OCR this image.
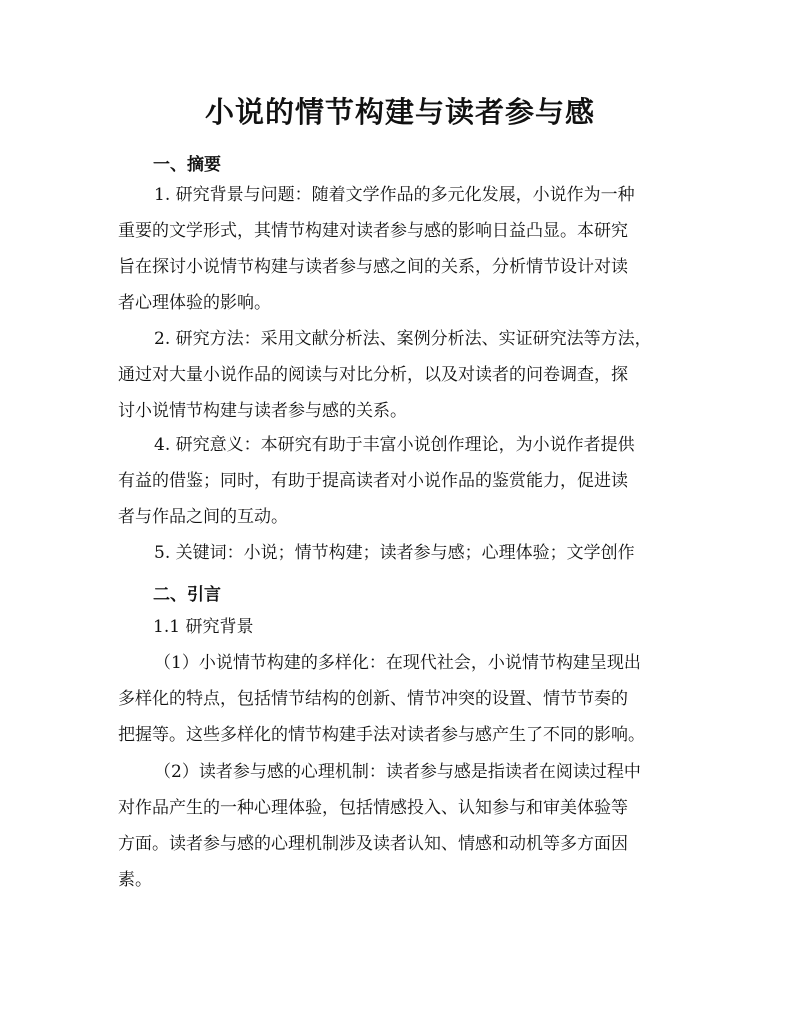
小说的情节构建与读者参与感
一、摘要

1. 研究背景与问题：随着文学作品的多元化发展，小说作为一种
重要的文学形式，其情节构建对读者参与感的影响日益凸显。本研究
旨在探讨小说情节构建与读者参与感之间的关系，分析情节设计对读
者心理体验的影响。

2. 研究方法：采用文献分析法、案例分析法、实证研究法等方法，
通过对大量小说作品的阅读与对比分析，以及对读者的问卷调查，探
讨小说情节构建与读者参与感的关系。

4. 研究意义：本研究有助于丰富小说创作理论，为小说作者提供
有益的借鉴；同时，有助于提高读者对小说作品的鉴赏能力，促进读
者与作品之间的互动。

5. 关键词：小说；情节构建；读者参与感；心理体验；文学创作

二、引言

1.1 研究背景

（1）小说情节构建的多样化：在现代社会，小说情节构建呈现出
多样化的特点，包括情节结构的创新、情节冲突的设置、情节节奏的
把握等。这些多样化的情节构建手法对读者参与感产生了不同的影响。

（2）读者参与感的心理机制：读者参与感是指读者在阅读过程中
对作品产生的一种心理体验，包括情感投入、认知参与和审美体验等
方面。读者参与感的心理机制涉及读者认知、情感和动机等多方面因
素。
